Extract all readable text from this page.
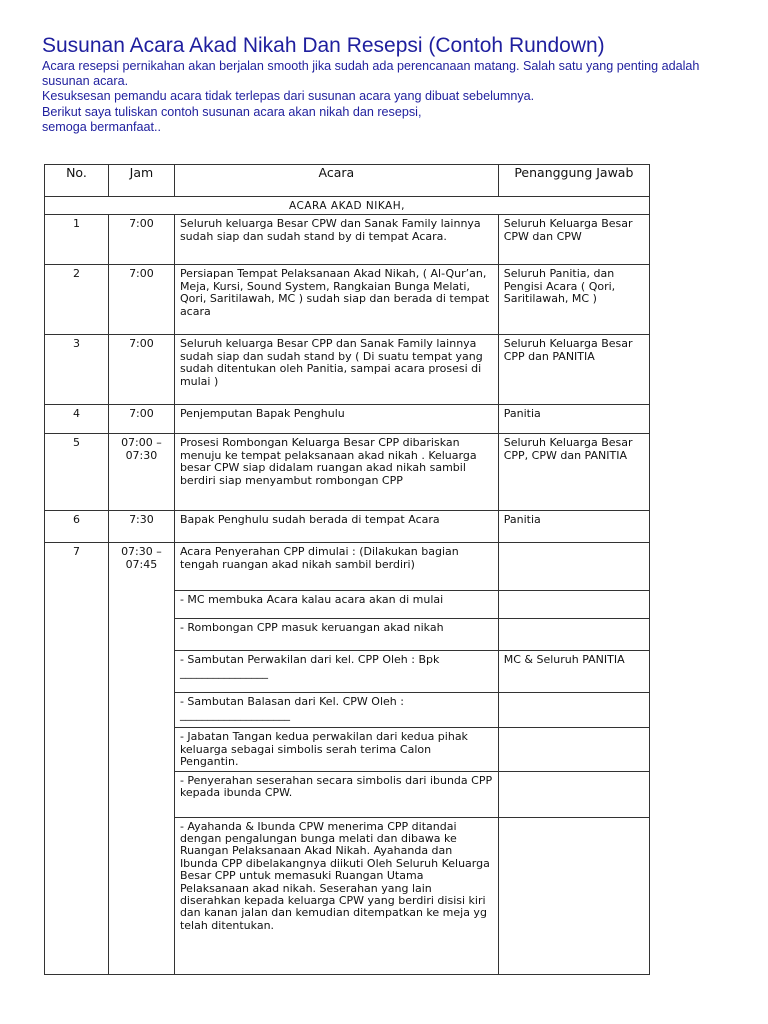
Susunan Acara Akad Nikah Dan Resepsi (Contoh Rundown)

Acara resepsi pernikahan akan berjalan smooth jika sudah ada perencanaan matang. Salah satu yang penting adalah susunan acara.

Kesuksesan pemandu acara tidak terlepas dari susunan acara yang dibuat sebelumnya.

Berikut saya tuliskan contoh susunan acara akan nikah dan resepsi,

semoga bermanfaat..

No.	Jam	Acara	Penanggung Jawab
ACARA AKAD NIKAH,			
1	7:00	Seluruh keluarga Besar CPW dan Sanak Family lainnya sudah siap dan sudah stand by di tempat Acara.	Seluruh Keluarga Besar CPW dan CPW
2	7:00	Persiapan Tempat Pelaksanaan Akad Nikah, ( Al-Qur’an, Meja, Kursi, Sound System, Rangkaian Bunga Melati, Qori, Saritilawah, MC ) sudah siap dan berada di tempat acara	Seluruh Panitia, dan Pengisi Acara ( Qori, Saritilawah, MC )
3	7:00	Seluruh keluarga Besar CPP dan Sanak Family lainnya sudah siap dan sudah stand by ( Di suatu tempat yang sudah ditentukan oleh Panitia, sampai acara prosesi di mulai )	Seluruh Keluarga Besar CPP dan PANITIA
4	7:00	Penjemputan Bapak Penghulu	Panitia
5	07:00 – 07:30	Prosesi Rombongan Keluarga Besar CPP dibariskan menuju ke tempat pelaksanaan akad nikah . Keluarga besar CPW siap didalam ruangan akad nikah sambil berdiri siap menyambut rombongan CPP	Seluruh Keluarga Besar CPP, CPW dan PANITIA
6	7:30	Bapak Penghulu sudah berada di tempat Acara	Panitia
7	07:30 – 07:45	Acara Penyerahan CPP dimulai : (Dilakukan bagian tengah ruangan akad nikah sambil berdiri)	
		- MC membuka Acara kalau acara akan di mulai	
		- Rombongan CPP masuk keruangan akad nikah	
		- Sambutan Perwakilan dari kel. CPP Oleh : Bpk ________________	MC & Seluruh PANITIA
		- Sambutan Balasan dari Kel. CPW Oleh : ____________________	
		- Jabatan Tangan kedua perwakilan dari kedua pihak keluarga sebagai simbolis serah terima Calon Pengantin.	
		- Penyerahan seserahan secara simbolis dari ibunda CPP kepada ibunda CPW.	
		- Ayahanda & Ibunda CPW menerima CPP ditandai dengan pengalungan bunga melati dan dibawa ke Ruangan Pelaksanaan Akad Nikah. Ayahanda dan Ibunda CPP dibelakangnya diikuti Oleh Seluruh Keluarga Besar CPP untuk memasuki Ruangan Utama Pelaksanaan akad nikah. Seserahan yang lain diserahkan kepada keluarga CPW yang berdiri disisi kiri dan kanan jalan dan kemudian ditempatkan ke meja yg telah ditentukan.	
